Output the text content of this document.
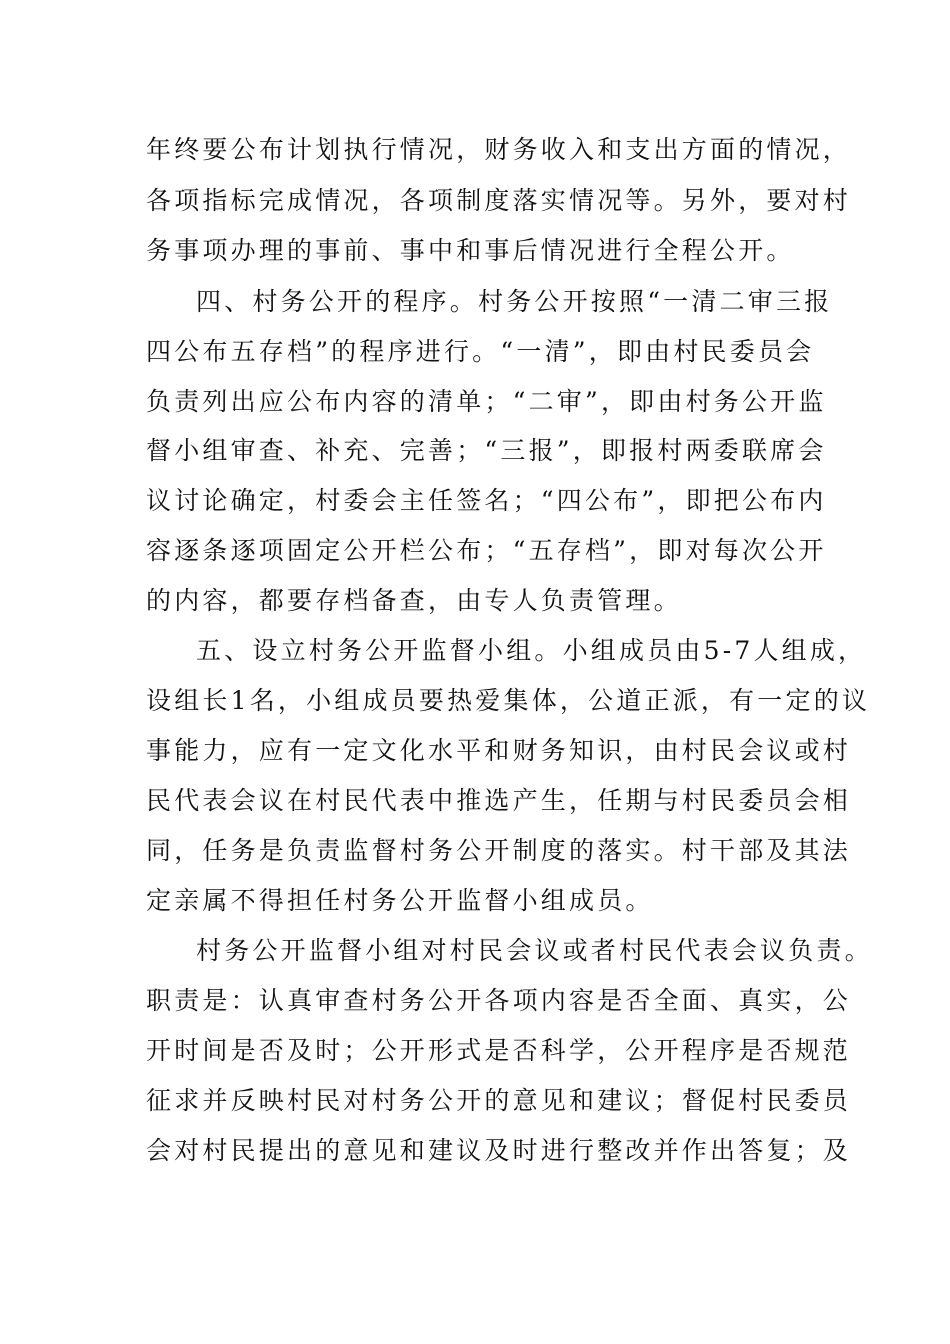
年终要公布计划执行情况，财务收入和支出方面的情况，

各项指标完成情况，各项制度落实情况等。另外，要对村

务事项办理的事前、事中和事后情况进行全程公开。

四、村务公开的程序。村务公开按照“一清二审三报

四公布五存档”的程序进行。“一清”，即由村民委员会

负责列出应公布内容的清单；“二审”，即由村务公开监

督小组审查、补充、完善；“三报”，即报村两委联席会

议讨论确定，村委会主任签名；“四公布”，即把公布内

容逐条逐项固定公开栏公布；“五存档”，即对每次公开

的内容，都要存档备查，由专人负责管理。

五、设立村务公开监督小组。小组成员由5-7人组成，

设组长1名，小组成员要热爱集体，公道正派，有一定的议

事能力，应有一定文化水平和财务知识，由村民会议或村

民代表会议在村民代表中推选产生，任期与村民委员会相

同，任务是负责监督村务公开制度的落实。村干部及其法

定亲属不得担任村务公开监督小组成员。

村务公开监督小组对村民会议或者村民代表会议负责。

职责是：认真审查村务公开各项内容是否全面、真实，公

开时间是否及时；公开形式是否科学，公开程序是否规范

征求并反映村民对村务公开的意见和建议；督促村民委员

会对村民提出的意见和建议及时进行整改并作出答复；及
